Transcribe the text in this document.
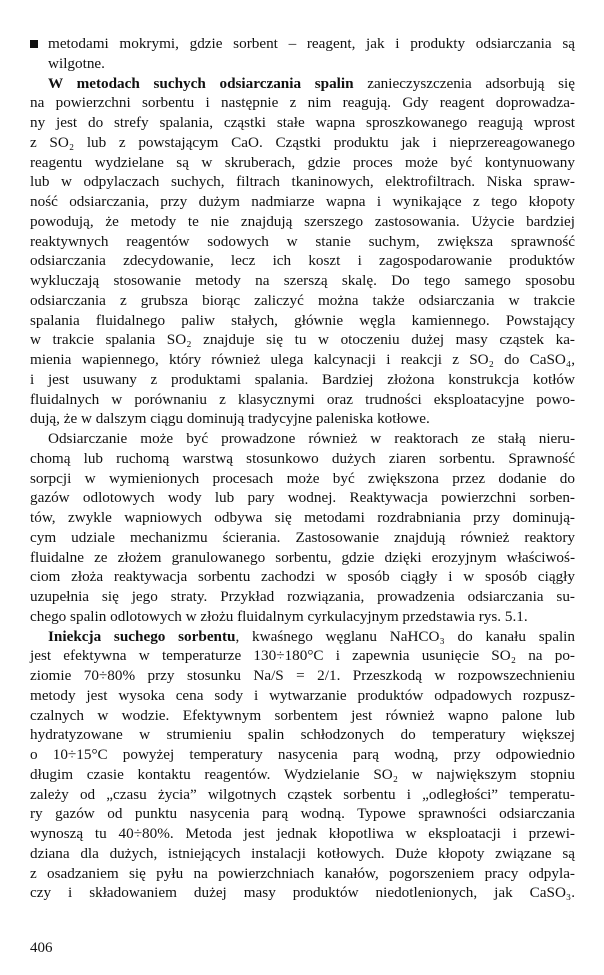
metodami mokrymi, gdzie sorbent – reagent, jak i produkty odsiarczania są
wilgotne.
W metodach suchych odsiarczania spalin zanieczyszczenia adsorbują się
na powierzchni sorbentu i następnie z nim reagują. Gdy reagent doprowadza-
ny jest do strefy spalania, cząstki stałe wapna sproszkowanego reagują wprost
z SO₂ lub z powstającym CaO. Cząstki produktu jak i nieprzereagowanego
reagentu wydzielane są w skruberach, gdzie proces może być kontynuowany
lub w odpylaczach suchych, filtrach tkaninowych, elektrofiltrach. Niska spraw-
ność odsiarczania, przy dużym nadmiarze wapna i wynikające z tego kłopoty
powodują, że metody te nie znajdują szerszego zastosowania. Użycie bardziej
reaktywnych reagentów sodowych w stanie suchym, zwiększa sprawność
odsiarczania zdecydowanie, lecz ich koszt i zagospodarowanie produktów
wykluczają stosowanie metody na szerszą skalę. Do tego samego sposobu
odsiarczania z grubsza biorąc zaliczyć można także odsiarczania w trakcie
spalania fluidalnego paliw stałych, głównie węgla kamiennego. Powstający
w trakcie spalania SO₂ znajduje się tu w otoczeniu dużej masy cząstek ka-
mienia wapiennego, który również ulega kalcynacji i reakcji z SO₂ do CaSO₄,
i jest usuwany z produktami spalania. Bardziej złożona konstrukcja kotłów
fluidalnych w porównaniu z klasycznymi oraz trudności eksploatacyjne powo-
dują, że w dalszym ciągu dominują tradycyjne paleniska kotłowe.
Odsiarczanie może być prowadzone również w reaktorach ze stałą nieru-
chomą lub ruchomą warstwą stosunkowo dużych ziaren sorbentu. Sprawność
sorpcji w wymienionych procesach może być zwiększona przez dodanie do
gazów odlotowych wody lub pary wodnej. Reaktywacja powierzchni sorben-
tów, zwykle wapniowych odbywa się metodami rozdrabniania przy dominują-
cym udziale mechanizmu ścierania. Zastosowanie znajdują również reaktory
fluidalne ze złożem granulowanego sorbentu, gdzie dzięki erozyjnym właściwoś-
ciom złoża reaktywacja sorbentu zachodzi w sposób ciągły i w sposób ciągły
uzupełnia się jego straty. Przykład rozwiązania, prowadzenia odsiarczania su-
chego spalin odlotowych w złożu fluidalnym cyrkulacyjnym przedstawia rys. 5.1.
Iniekcja suchego sorbentu, kwaśnego węglanu NaHCO₃ do kanału spalin
jest efektywna w temperaturze 130÷180°C i zapewnia usunięcie SO₂ na po-
ziomie 70÷80% przy stosunku Na/S = 2/1. Przeszkodą w rozpowszechnieniu
metody jest wysoka cena sody i wytwarzanie produktów odpadowych rozpusz-
czalnych w wodzie. Efektywnym sorbentem jest również wapno palone lub
hydratyzowane w strumieniu spalin schłodzonych do temperatury większej
o 10÷15°C powyżej temperatury nasycenia parą wodną, przy odpowiednio
długim czasie kontaktu reagentów. Wydzielanie SO₂ w największym stopniu
zależy od „czasu życia” wilgotnych cząstek sorbentu i „odległości” temperatu-
ry gazów od punktu nasycenia parą wodną. Typowe sprawności odsiarczania
wynoszą tu 40÷80%. Metoda jest jednak kłopotliwa w eksploatacji i przewi-
dziana dla dużych, istniejących instalacji kotłowych. Duże kłopoty związane są
z osadzaniem się pyłu na powierzchniach kanałów, pogorszeniem pracy odpyla-
czy i składowaniem dużej masy produktów niedotlenionych, jak CaSO₃.
406
